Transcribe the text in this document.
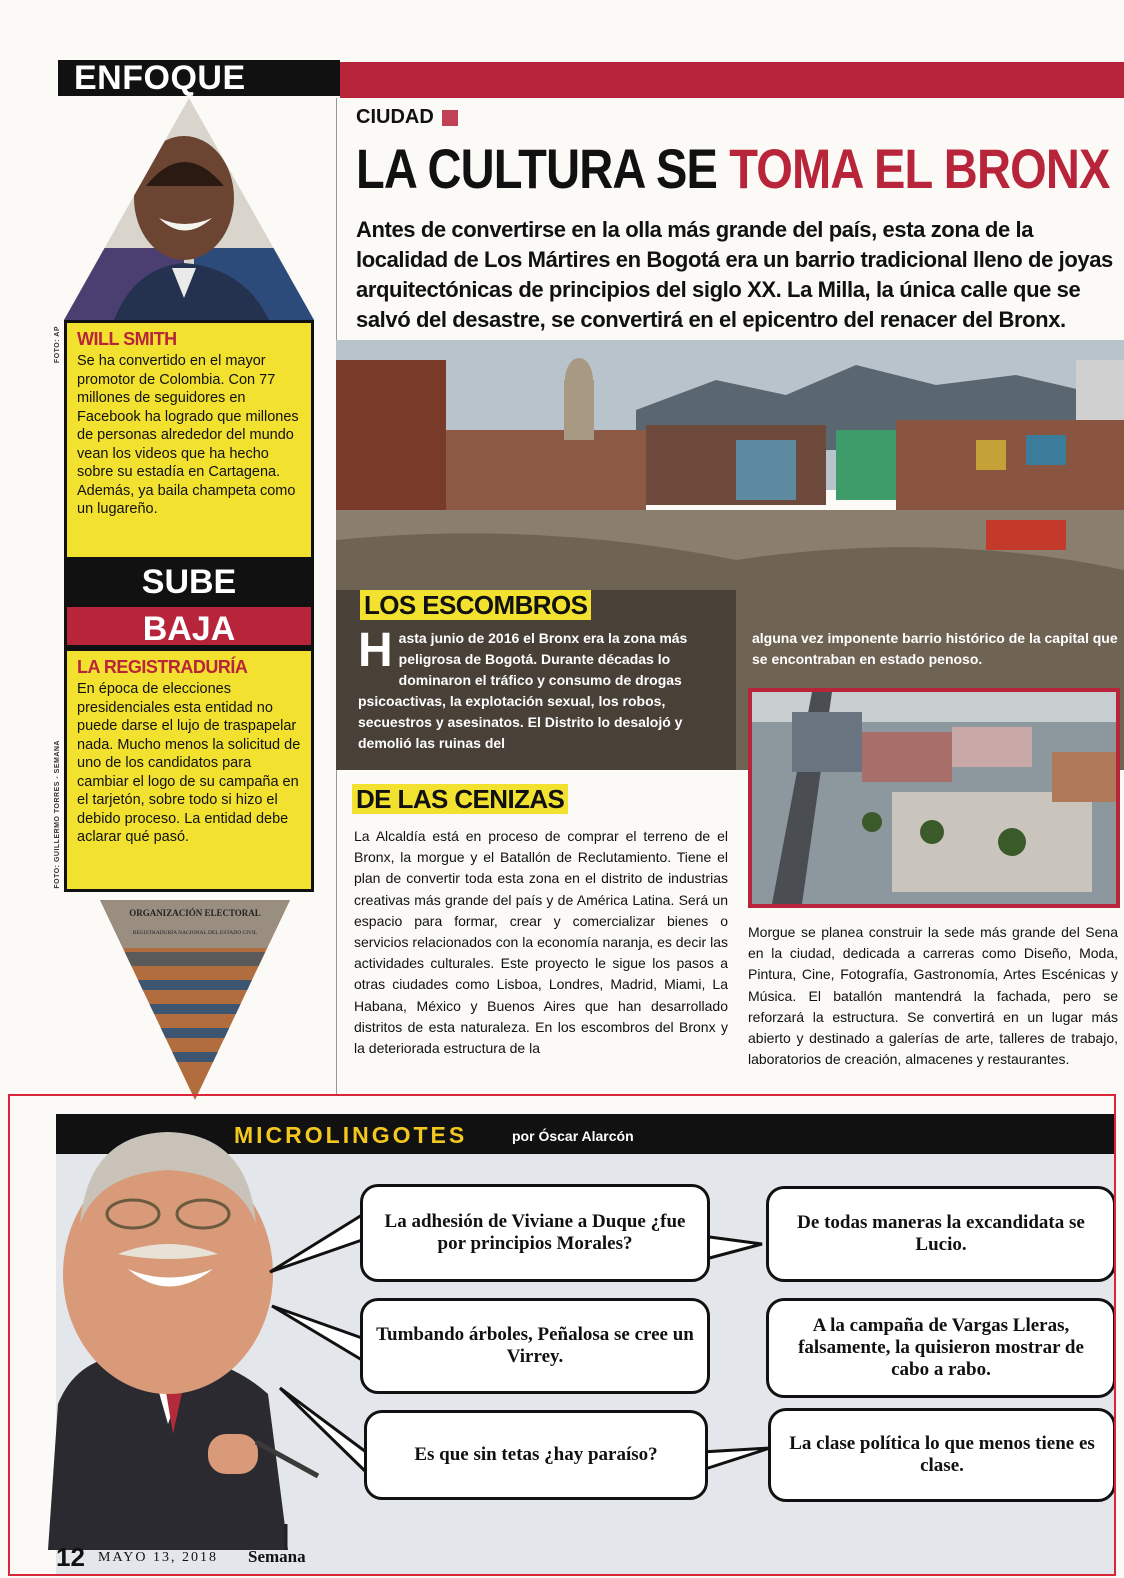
ENFOQUE
FOTO: AP WILL SMITH
Se ha convertido en el mayor promotor de Colombia. Con 77 millones de seguidores en Facebook ha logrado que millones de personas alrededor del mundo vean los videos que ha hecho sobre su estadía en Cartagena. Además, ya baila champeta como un lugareño.
SUBE
BAJA
LA REGISTRADURÍA
En época de elecciones presidenciales esta entidad no puede darse el lujo de traspapelar nada. Mucho menos la solicitud de uno de los candidatos para cambiar el logo de su campaña en el tarjetón, sobre todo si hizo el debido proceso. La entidad debe aclarar qué pasó.
FOTO: GUILLERMO TORRES - SEMANA
ORGANIZACIÓN ELECTORAL
REGISTRADURÍA NACIONAL DEL ESTADO CIVIL
CIUDAD
LA CULTURA SE TOMA EL BRONX
Antes de convertirse en la olla más grande del país, esta zona de la localidad de Los Mártires en Bogotá era un barrio tradicional lleno de joyas arquitectónicas de principios del siglo XX. La Milla, la única calle que se salvó del desastre, se convertirá en el epicentro del renacer del Bronx.
LOS ESCOMBROS
H asta junio de 2016 el Bronx era la zona más peligrosa de Bogotá. Durante décadas lo dominaron el tráfico y consumo de drogas psicoactivas, la explotación sexual, los robos, secuestros y asesinatos. El Distrito lo desalojó y demolió las ruinas del
alguna vez imponente barrio histórico de la capital que se encontraban en estado penoso.
DE LAS CENIZAS
La Alcaldía está en proceso de comprar el terreno de el Bronx, la morgue y el Batallón de Reclutamiento. Tiene el plan de convertir toda esta zona en el distrito de industrias creativas más grande del país y de América Latina. Será un espacio para formar, crear y comercializar bienes o servicios relacionados con la economía naranja, es decir las actividades culturales. Este proyecto le sigue los pasos a otras ciudades como Lisboa, Londres, Madrid, Miami, La Habana, México y Buenos Aires que han desarrollado distritos de esta naturaleza. En los escombros del Bronx y la deteriorada estructura de la
Morgue se planea construir la sede más grande del Sena en la ciudad, dedicada a carreras como Diseño, Moda, Pintura, Cine, Fotografía, Gastronomía, Artes Escénicas y Música. El batallón mantendrá la fachada, pero se reforzará la estructura. Se convertirá en un lugar más abierto y destinado a galerías de arte, talleres de trabajo, laboratorios de creación, almacenes y restaurantes.
MICROLINGOTES	por Óscar Alarcón
La adhesión de Viviane a Duque ¿fue por principios Morales?
De todas maneras la excandidata se Lucio.
Tumbando árboles, Peñalosa se cree un Virrey.
A la campaña de Vargas Lleras, falsamente, la quisieron mostrar de cabo a rabo.
Es que sin tetas ¿hay paraíso?
La clase política lo que menos tiene es clase.
12 MAYO 13, 2018 Semana
